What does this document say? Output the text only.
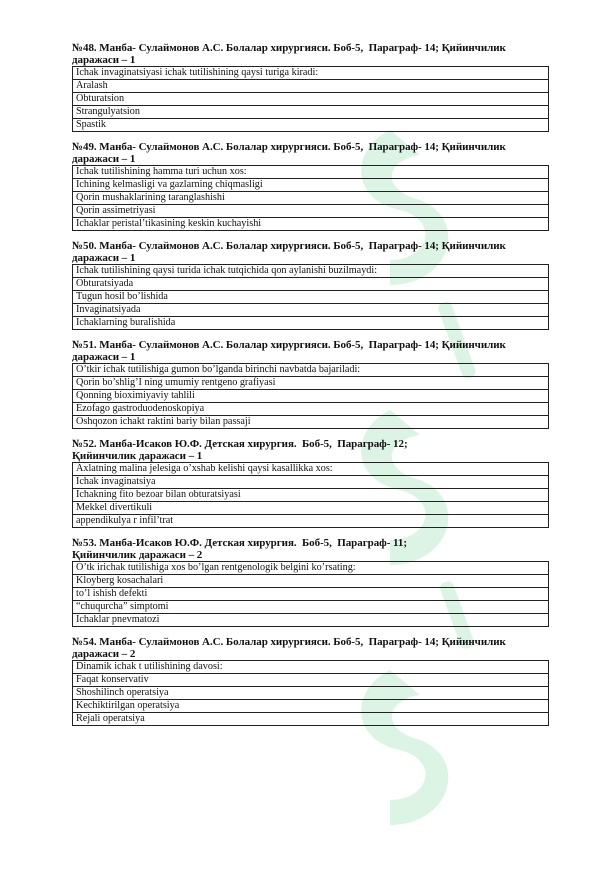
№48. Манба- Сулаймонов А.С. Болалар хирургияси. Боб-5,  Параграф- 14; Қийинчилик даражаси – 1
Ichak invaginatsiyasi ichak tutilishining qaysi turiga kiradi:
Aralash
Obturatsion
Strangulyatsion
Spastik
№49. Манба- Сулаймонов А.С. Болалар хирургияси. Боб-5,  Параграф- 14; Қийинчилик даражаси – 1
Ichak tutilishining hamma turi uchun xos:
Ichining kelmasligi va gazlarning chiqmasligi
Qorin mushaklarining taranglashishi
Qorin assimetriyasi
Ichaklar peristal’tikasining keskin kuchayishi
№50. Манба- Сулаймонов А.С. Болалар хирургияси. Боб-5,  Параграф- 14; Қийинчилик даражаси – 1
Ichak tutilishining qaysi turida ichak tutqichida qon aylanishi buzilmaydi:
Obturatsiyada
Tugun hosil bo’lishida
Invaginatsiyada
Ichaklarning buralishida
№51. Манба- Сулаймонов А.С. Болалар хирургияси. Боб-5,  Параграф- 14; Қийинчилик даражаси – 1
O’tkir ichak tutilishiga gumon bo’lganda birinchi navbatda bajariladi:
Qorin bo’shlig’I ning umumiy rentgeno grafiyasi
Qonning bioximiyaviy tahlili
Ezofago gastroduodenoskopiya
Oshqozon ichakt raktini bariy bilan passaji
№52. Манба-Исаков Ю.Ф. Детская хирургия.  Боб-5,  Параграф- 12;
Қийинчилик даражаси – 1
Axlatning malina jelesiga o’xshab kelishi qaysi kasallikka xos:
Ichak invaginatsiya
Ichakning fito bezoar bilan obturatsiyasi
Mekkel divertikuli
appendikulya r infil’trat
№53. Манба-Исаков Ю.Ф. Детская хирургия.  Боб-5,  Параграф- 11;
Қийинчилик даражаси – 2
O’tk irichak tutilishiga xos bo’lgan rentgenologik belgini ko’rsating:
Kloyberg kosachalari
to’l ishish defekti
“chuqurcha” simptomi
Ichaklar pnevmatozi
№54. Манба- Сулаймонов А.С. Болалар хирургияси. Боб-5,  Параграф- 14; Қийинчилик даражаси – 2
Dinamik ichak t utilishining davosi:
Faqat konservativ
Shoshilinch operatsiya
Kechiktirilgan operatsiya
Rejali operatsiya
